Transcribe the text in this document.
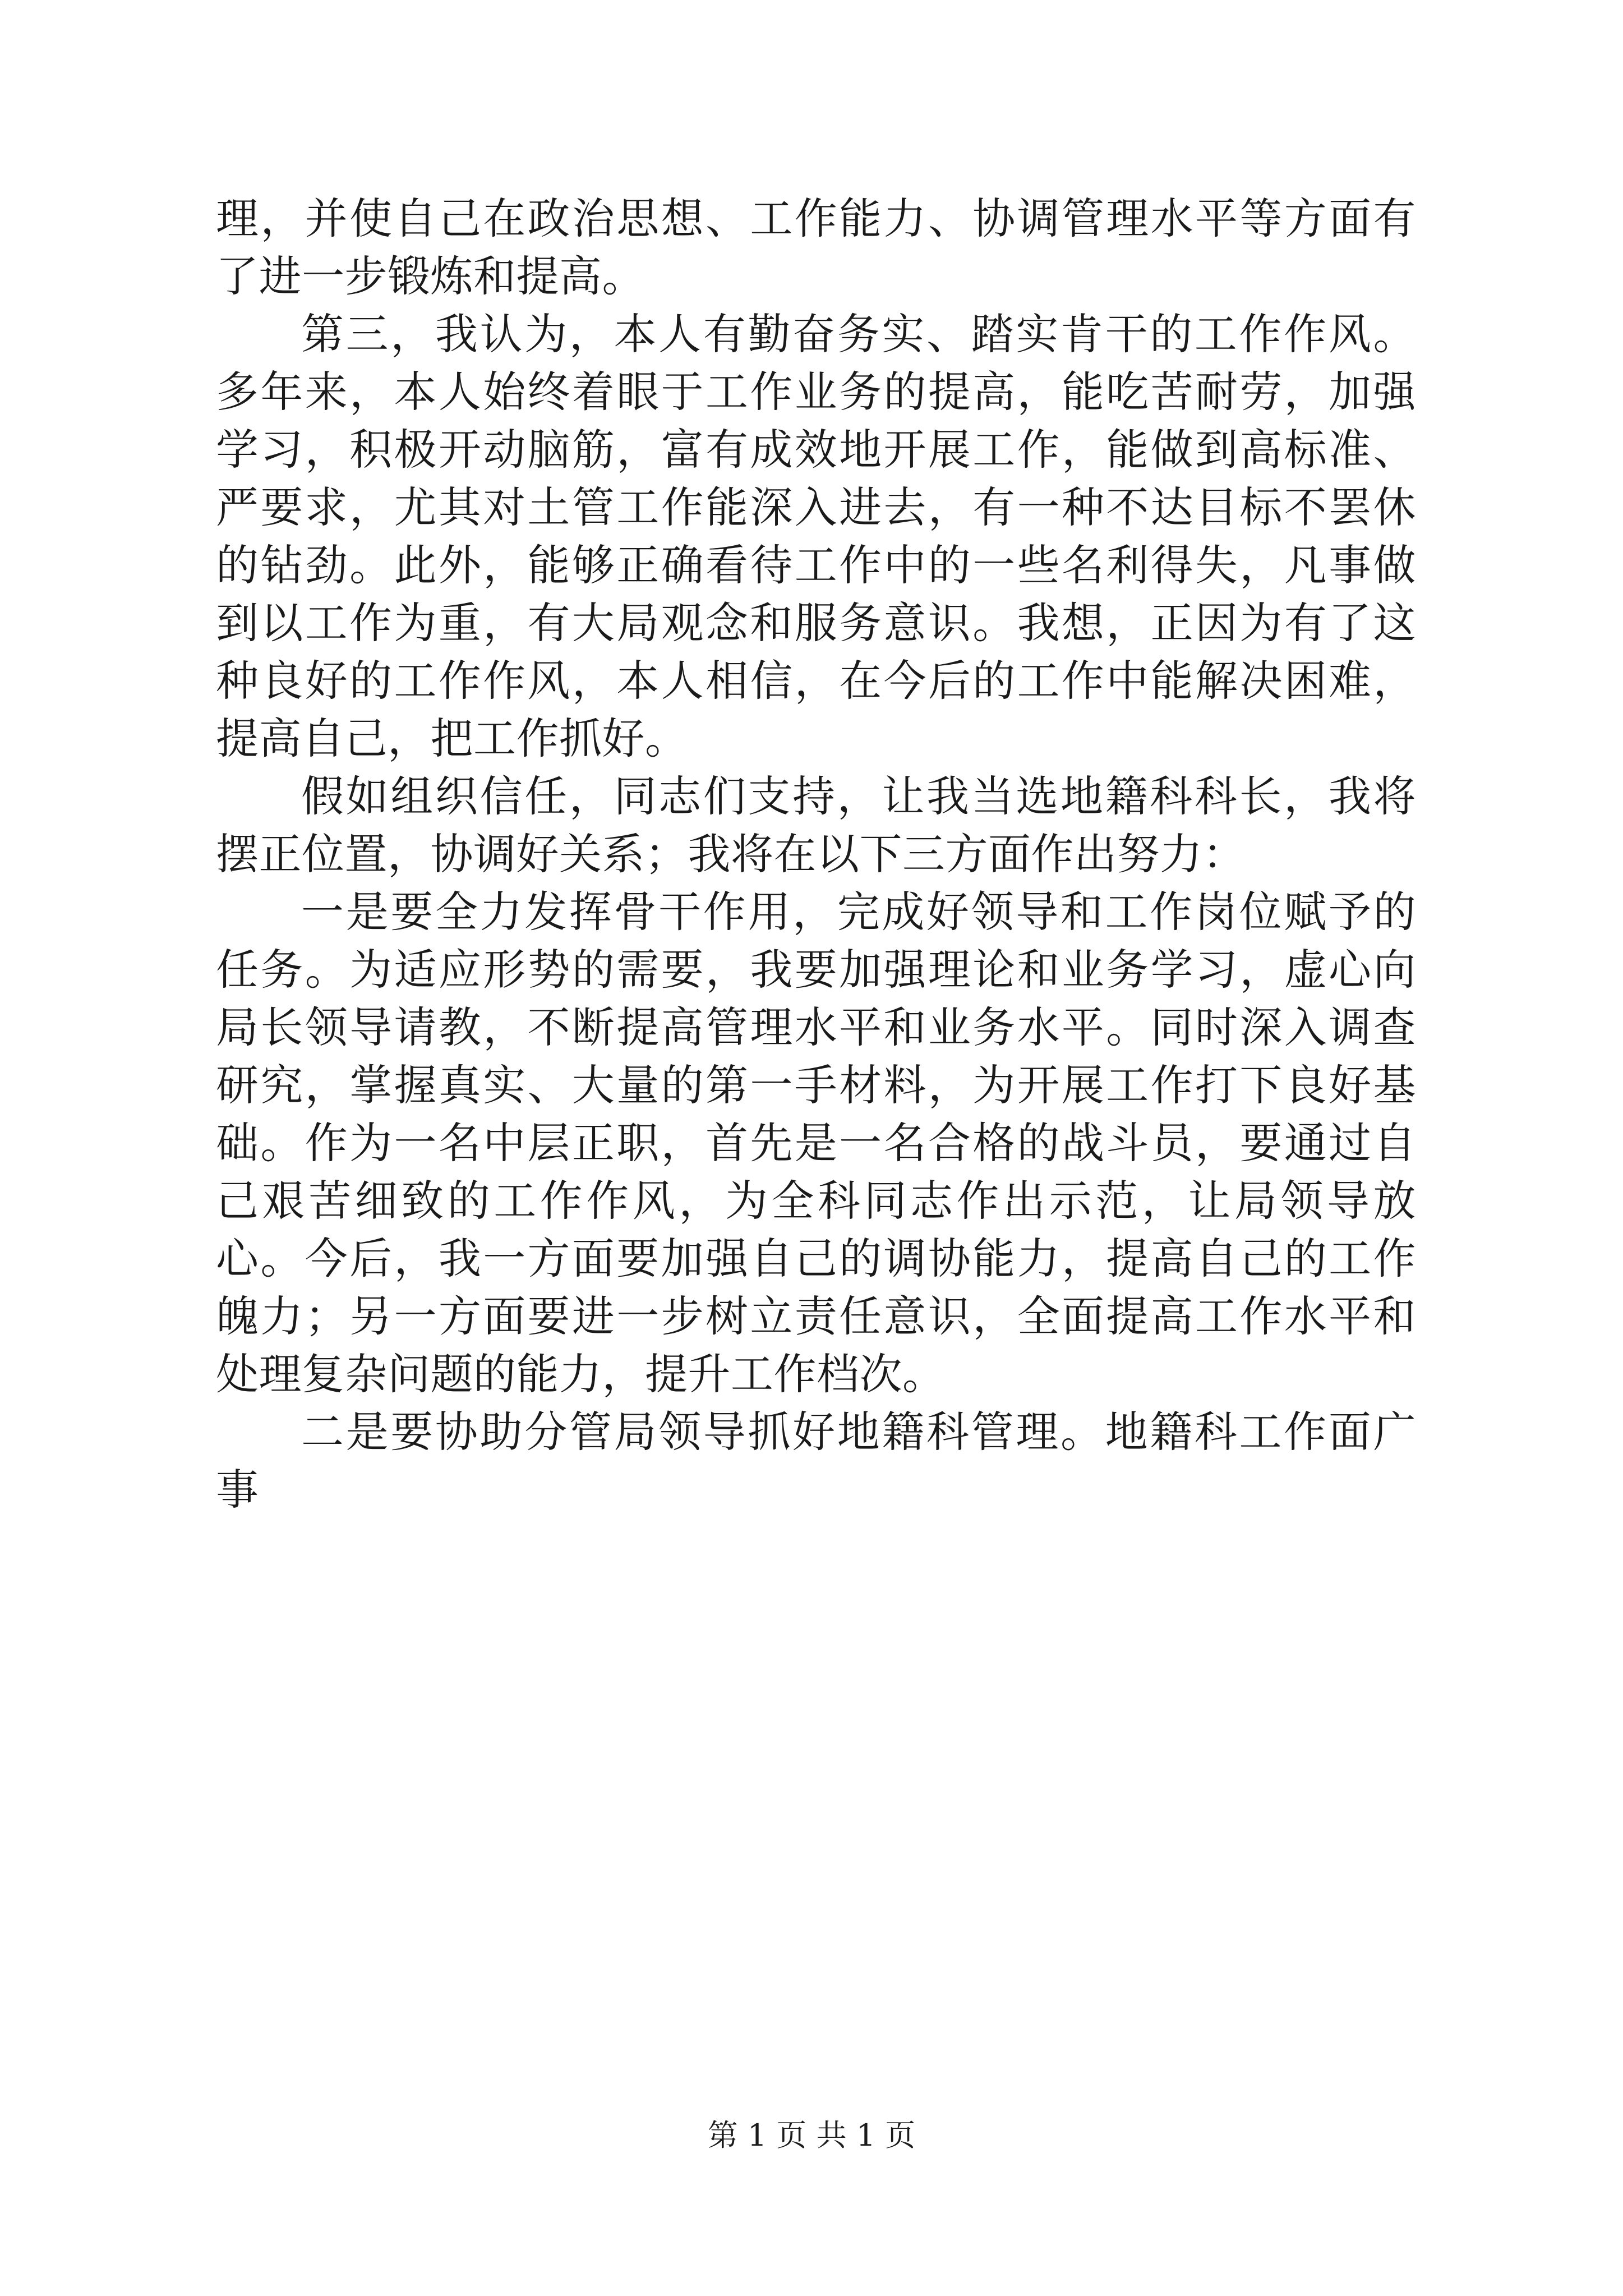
理，并使自己在政治思想、工作能力、协调管理水平等方面有了进一步锻炼和提高。

第三，我认为，本人有勤奋务实、踏实肯干的工作作风。多年来，本人始终着眼于工作业务的提高，能吃苦耐劳，加强学习，积极开动脑筋，富有成效地开展工作，能做到高标准、严要求，尤其对土管工作能深入进去，有一种不达目标不罢休的钻劲。此外，能够正确看待工作中的一些名利得失，凡事做到以工作为重，有大局观念和服务意识。我想，正因为有了这种良好的工作作风，本人相信，在今后的工作中能解决困难，提高自己，把工作抓好。

假如组织信任，同志们支持，让我当选地籍科科长，我将摆正位置，协调好关系；我将在以下三方面作出努力：

一是要全力发挥骨干作用，完成好领导和工作岗位赋予的任务。为适应形势的需要，我要加强理论和业务学习，虚心向局长领导请教，不断提高管理水平和业务水平。同时深入调查研究，掌握真实、大量的第一手材料，为开展工作打下良好基础。作为一名中层正职，首先是一名合格的战斗员，要通过自己艰苦细致的工作作风，为全科同志作出示范，让局领导放心。今后，我一方面要加强自己的调协能力，提高自己的工作魄力；另一方面要进一步树立责任意识，全面提高工作水平和处理复杂问题的能力，提升工作档次。

二是要协助分管局领导抓好地籍科管理。地籍科工作面广事

第 1 页 共 1 页
